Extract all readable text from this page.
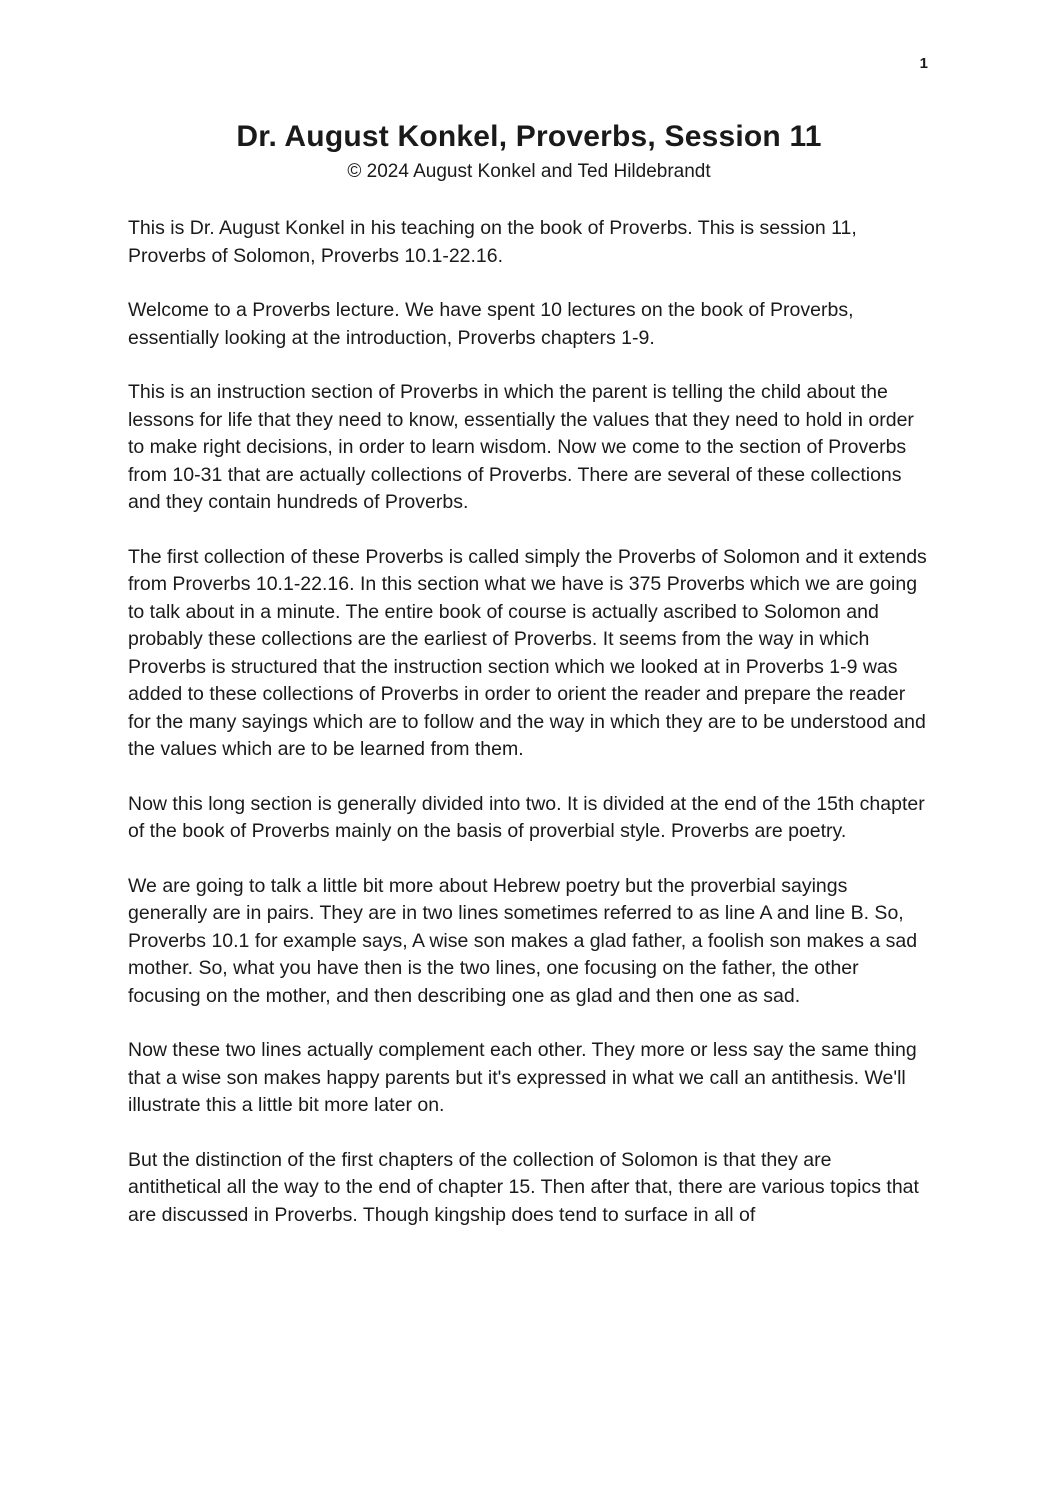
1
Dr. August Konkel, Proverbs, Session 11
© 2024 August Konkel and Ted Hildebrandt

This is Dr. August Konkel in his teaching on the book of Proverbs. This is session 11, Proverbs of Solomon, Proverbs 10.1-22.16.

Welcome to a Proverbs lecture. We have spent 10 lectures on the book of Proverbs, essentially looking at the introduction, Proverbs chapters 1-9.

This is an instruction section of Proverbs in which the parent is telling the child about the lessons for life that they need to know, essentially the values that they need to hold in order to make right decisions, in order to learn wisdom. Now we come to the section of Proverbs from 10-31 that are actually collections of Proverbs. There are several of these collections and they contain hundreds of Proverbs.

The first collection of these Proverbs is called simply the Proverbs of Solomon and it extends from Proverbs 10.1-22.16. In this section what we have is 375 Proverbs which we are going to talk about in a minute. The entire book of course is actually ascribed to Solomon and probably these collections are the earliest of Proverbs. It seems from the way in which Proverbs is structured that the instruction section which we looked at in Proverbs 1-9 was added to these collections of Proverbs in order to orient the reader and prepare the reader for the many sayings which are to follow and the way in which they are to be understood and the values which are to be learned from them.

Now this long section is generally divided into two. It is divided at the end of the 15th chapter of the book of Proverbs mainly on the basis of proverbial style. Proverbs are poetry.

We are going to talk a little bit more about Hebrew poetry but the proverbial sayings generally are in pairs. They are in two lines sometimes referred to as line A and line B. So, Proverbs 10.1 for example says, A wise son makes a glad father, a foolish son makes a sad mother. So, what you have then is the two lines, one focusing on the father, the other focusing on the mother, and then describing one as glad and then one as sad.

Now these two lines actually complement each other. They more or less say the same thing that a wise son makes happy parents but it's expressed in what we call an antithesis. We'll illustrate this a little bit more later on.

But the distinction of the first chapters of the collection of Solomon is that they are antithetical all the way to the end of chapter 15. Then after that, there are various topics that are discussed in Proverbs. Though kingship does tend to surface in all of
